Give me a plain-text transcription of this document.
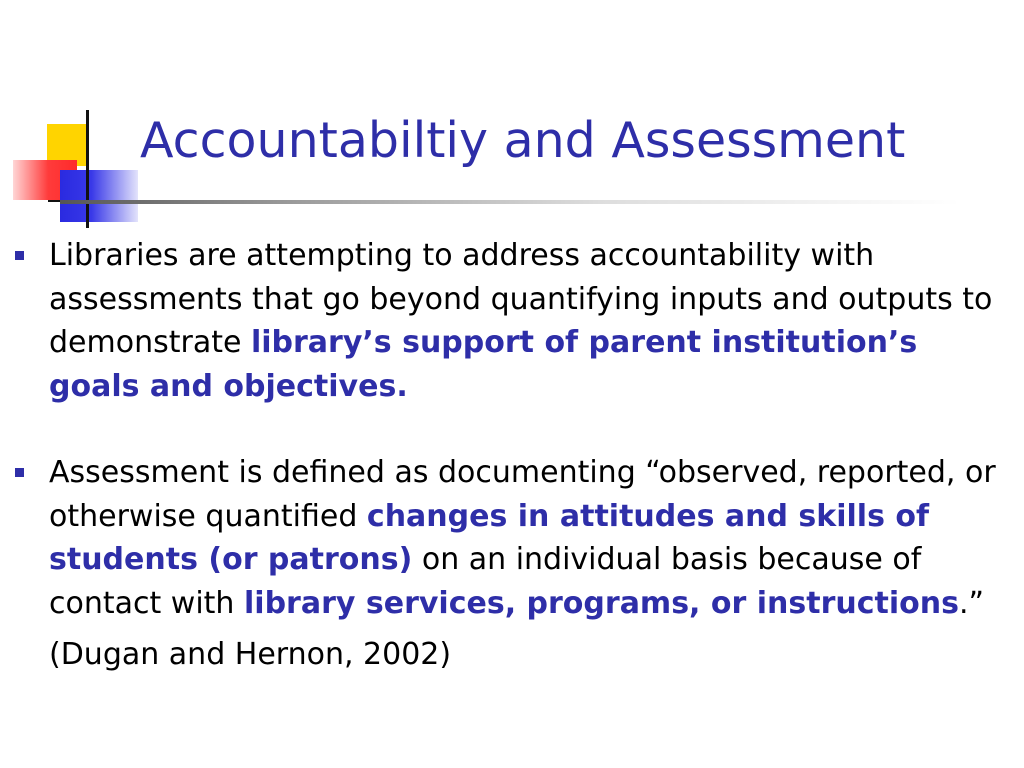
Accountabiltiy and Assessment
Libraries are attempting to address accountability with assessments that go beyond quantifying inputs and outputs to demonstrate library’s support of parent institution’s goals and objectives.
Assessment is defined as documenting “observed, reported, or otherwise quantified changes in attitudes and skills of students (or patrons) on an individual basis because of contact with library services, programs, or instructions.”
(Dugan and Hernon, 2002)
